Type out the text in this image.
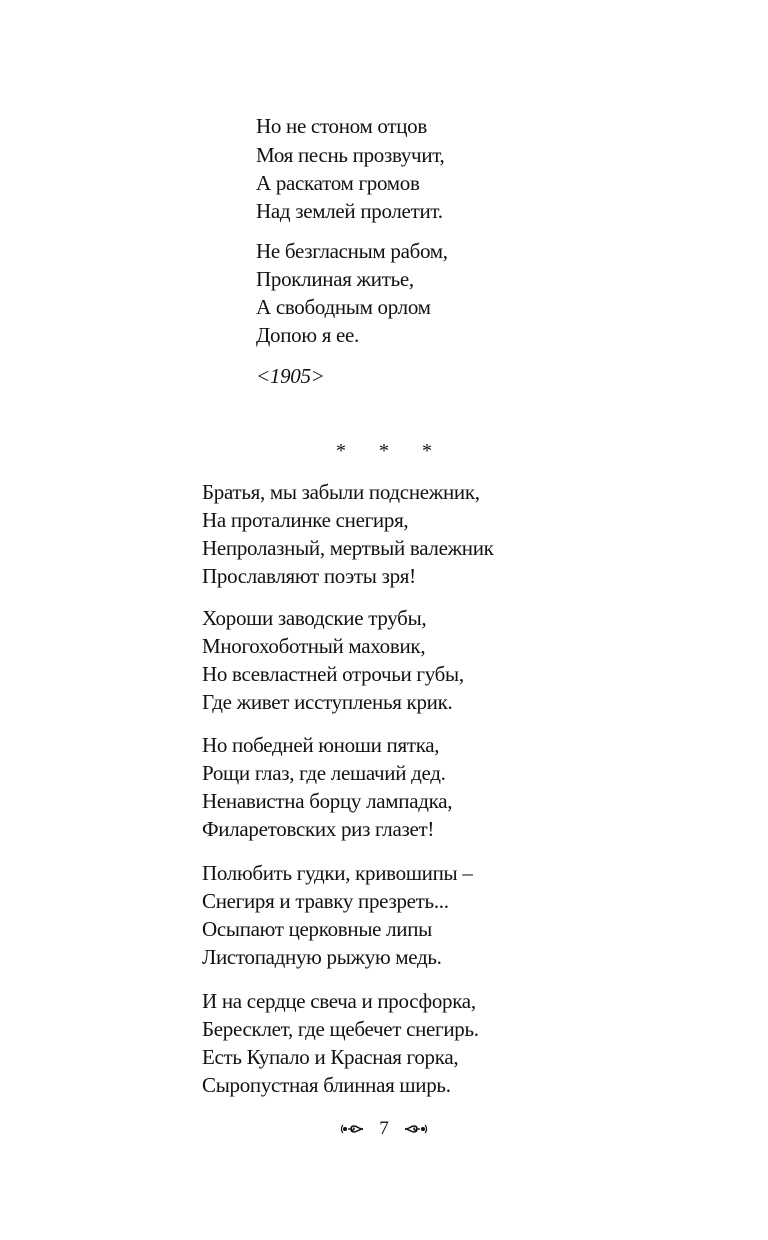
Но не стоном отцов
Моя песнь прозвучит,
А раскатом громов
Над землей пролетит.
Не безгласным рабом,
Проклиная житье,
А свободным орлом
Допою я ее.
<1905>
* * *
Братья, мы забыли подснежник,
На проталинке снегиря,
Непролазный, мертвый валежник
Прославляют поэты зря!
Хороши заводские трубы,
Многохоботный маховик,
Но всевластней отрочьи губы,
Где живет исступленья крик.
Но победней юноши пятка,
Рощи глаз, где лешачий дед.
Ненавистна борцу лампадка,
Филаретовских риз глазет!
Полюбить гудки, кривошипы –
Снегиря и травку презреть...
Осыпают церковные липы
Листопадную рыжую медь.
И на сердце свеча и просфорка,
Бересклет, где щебечет снегирь.
Есть Купало и Красная горка,
Сыропустная блинная ширь.
7
